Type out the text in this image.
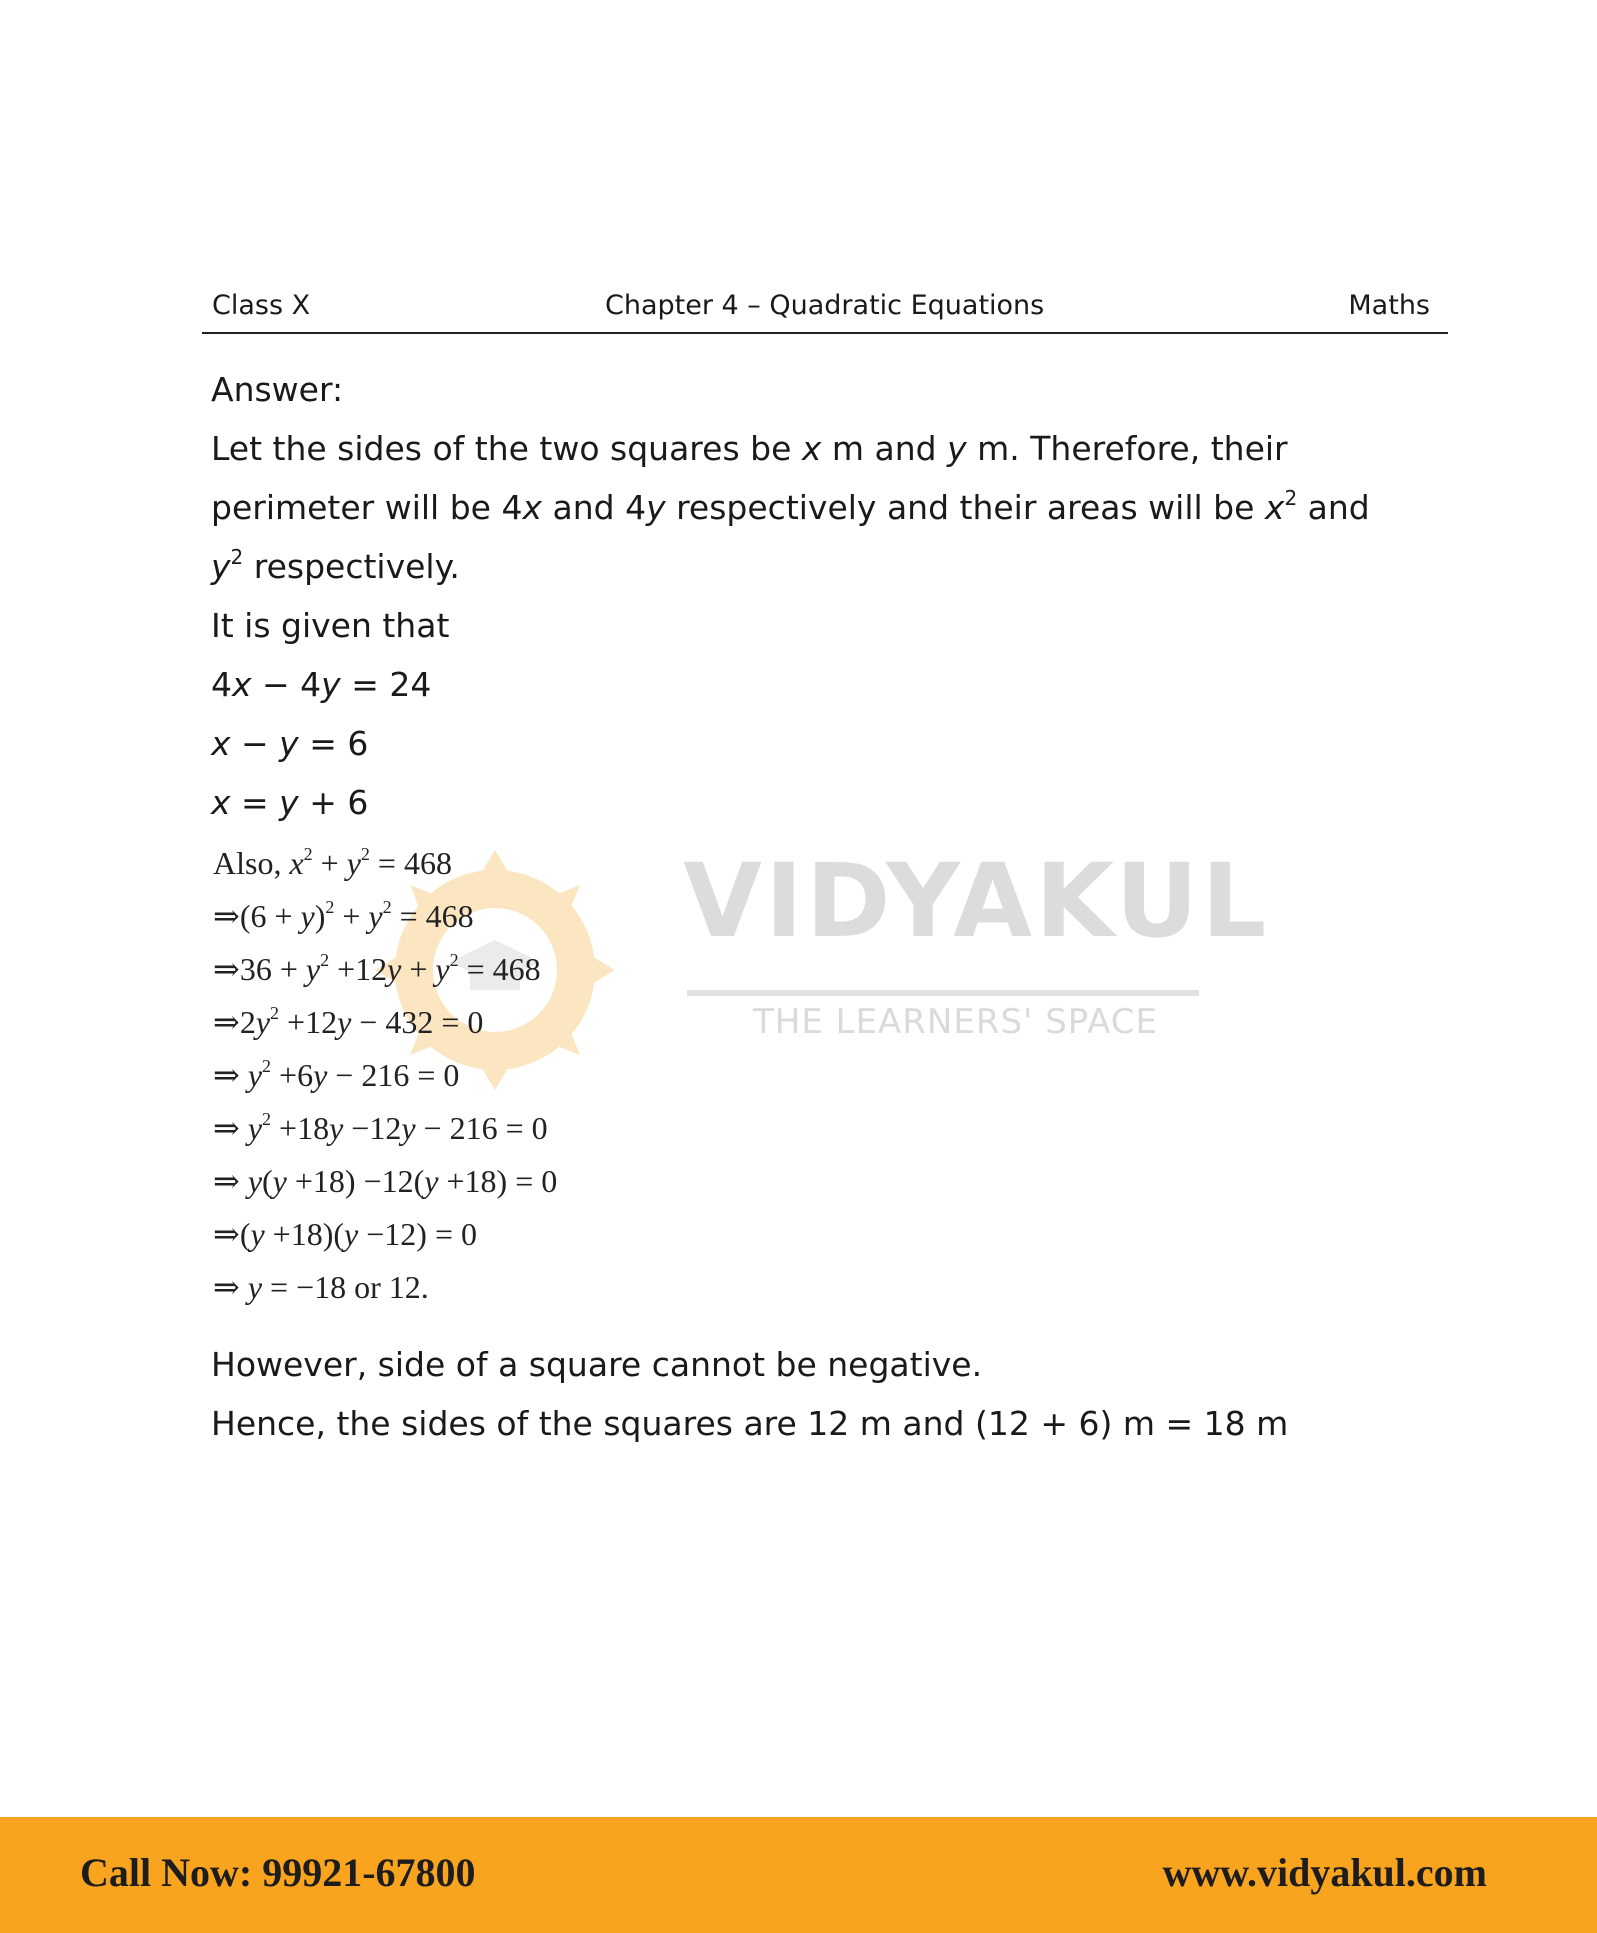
Class X	Chapter 4 – Quadratic Equations	Maths
Answer:
Let the sides of the two squares be x m and y m. Therefore, their
perimeter will be 4x and 4y respectively and their areas will be $x^2$ and
$y^2$ respectively.
It is given that
4x − 4y = 24
x − y = 6
x = y + 6
VIDYAKUL
THE LEARNERS' SPACE
Also, $x^2 + y^2 = 468$
⇒(6 + $y)^2 + y^2 = 468$
⇒36 + $y^2 +12y + y^2 = 468$
$\Rightarrow 2y^2 +12y - 432 = 0$
⇒ $y^2 +6y - 216 = 0$
⇒ $y^2 +18y -12y - 216 = 0$
⇒ y(y +18) −12(y +18) = 0
⇒(y +18)(y −12) = 0
⇒ y = −18 or 12.
However, side of a square cannot be negative.
Hence, the sides of the squares are 12 m and (12 + 6) m = 18 m
Call Now: 99921-67800	www.vidyakul.com
